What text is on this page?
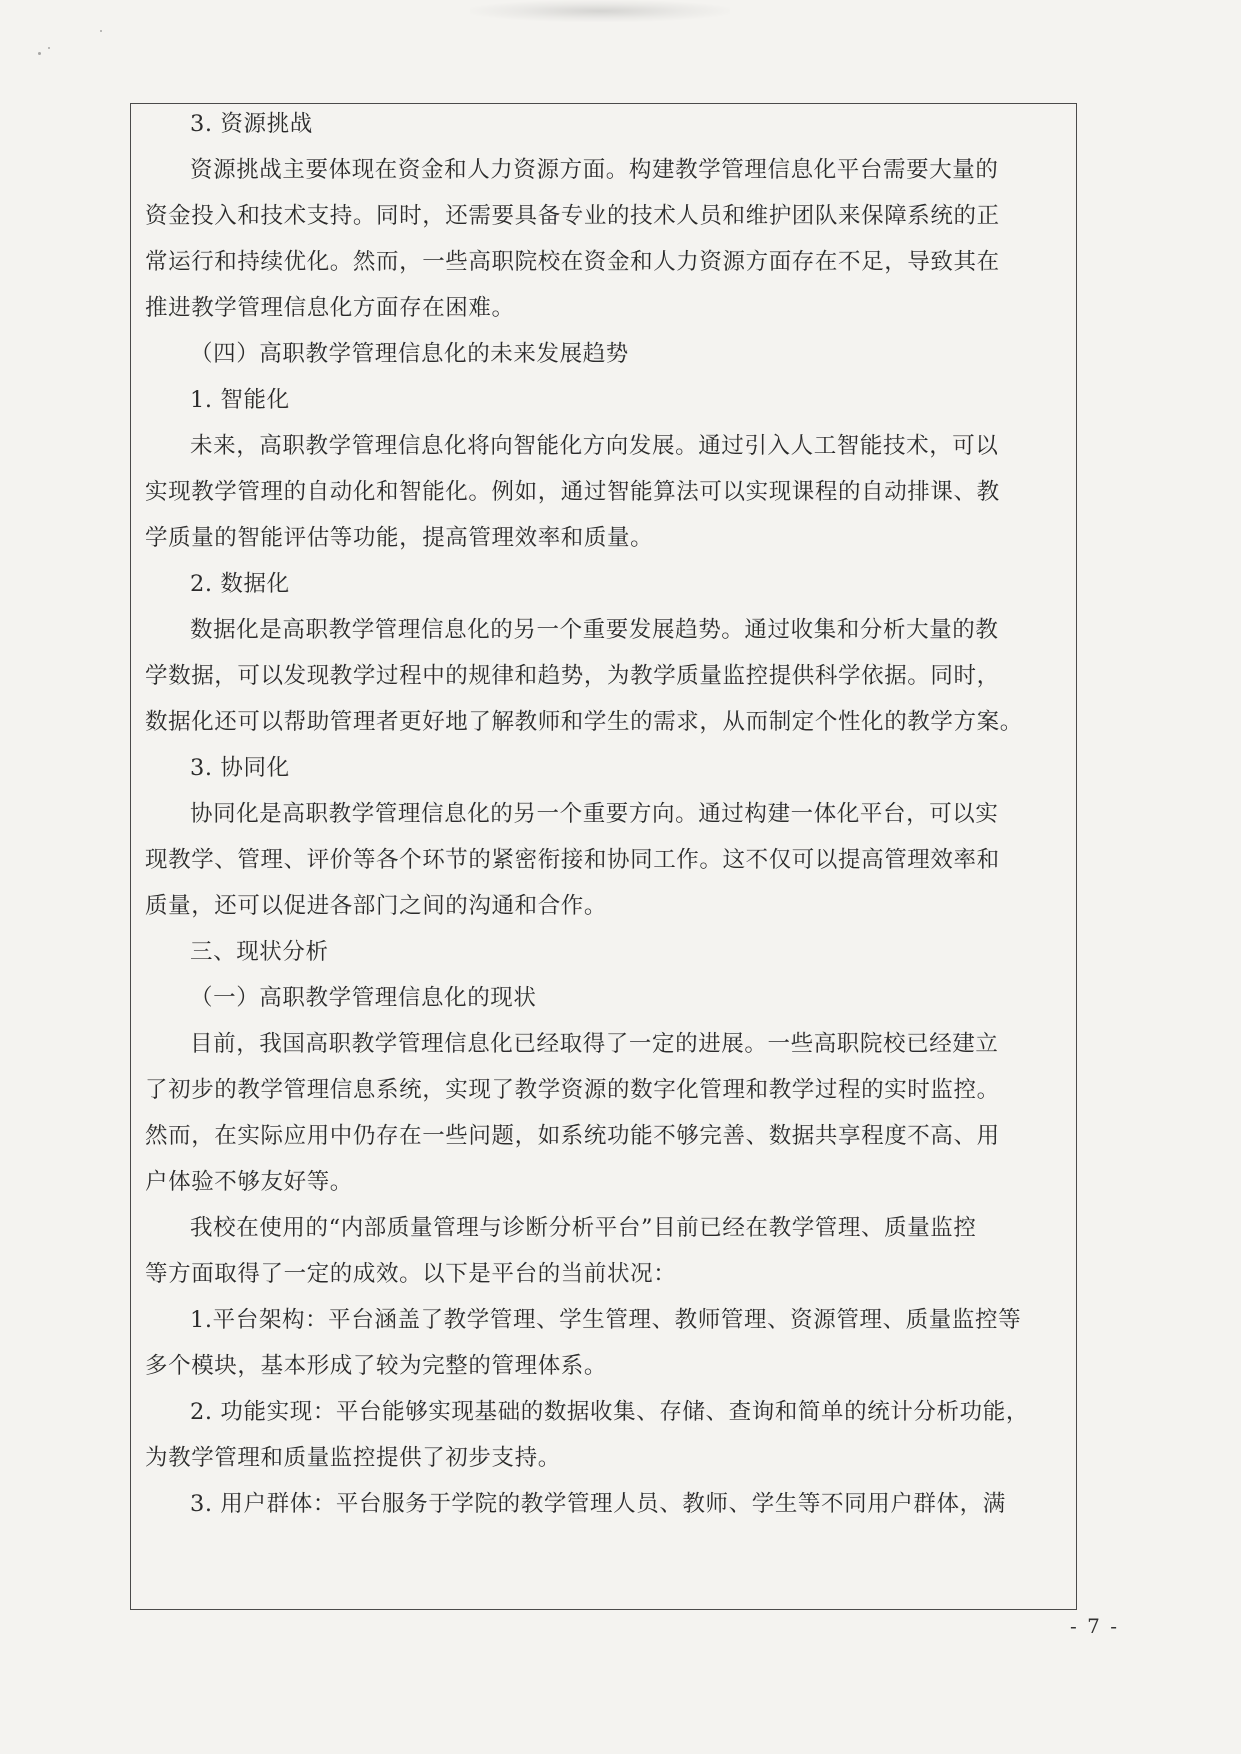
3. 资源挑战
资源挑战主要体现在资金和人力资源方面。构建教学管理信息化平台需要大量的
资金投入和技术支持。同时，还需要具备专业的技术人员和维护团队来保障系统的正
常运行和持续优化。然而，一些高职院校在资金和人力资源方面存在不足，导致其在
推进教学管理信息化方面存在困难。
（四）高职教学管理信息化的未来发展趋势
1. 智能化
未来，高职教学管理信息化将向智能化方向发展。通过引入人工智能技术，可以
实现教学管理的自动化和智能化。例如，通过智能算法可以实现课程的自动排课、教
学质量的智能评估等功能，提高管理效率和质量。
2. 数据化
数据化是高职教学管理信息化的另一个重要发展趋势。通过收集和分析大量的教
学数据，可以发现教学过程中的规律和趋势，为教学质量监控提供科学依据。同时，
数据化还可以帮助管理者更好地了解教师和学生的需求，从而制定个性化的教学方案。
3. 协同化
协同化是高职教学管理信息化的另一个重要方向。通过构建一体化平台，可以实
现教学、管理、评价等各个环节的紧密衔接和协同工作。这不仅可以提高管理效率和
质量，还可以促进各部门之间的沟通和合作。
三、现状分析
（一）高职教学管理信息化的现状
目前，我国高职教学管理信息化已经取得了一定的进展。一些高职院校已经建立
了初步的教学管理信息系统，实现了教学资源的数字化管理和教学过程的实时监控。
然而，在实际应用中仍存在一些问题，如系统功能不够完善、数据共享程度不高、用
户体验不够友好等。
我校在使用的“内部质量管理与诊断分析平台”目前已经在教学管理、质量监控
等方面取得了一定的成效。以下是平台的当前状况：
1.平台架构：平台涵盖了教学管理、学生管理、教师管理、资源管理、质量监控等
多个模块，基本形成了较为完整的管理体系。
2. 功能实现：平台能够实现基础的数据收集、存储、查询和简单的统计分析功能，
为教学管理和质量监控提供了初步支持。
3. 用户群体：平台服务于学院的教学管理人员、教师、学生等不同用户群体，满
- 7 -
